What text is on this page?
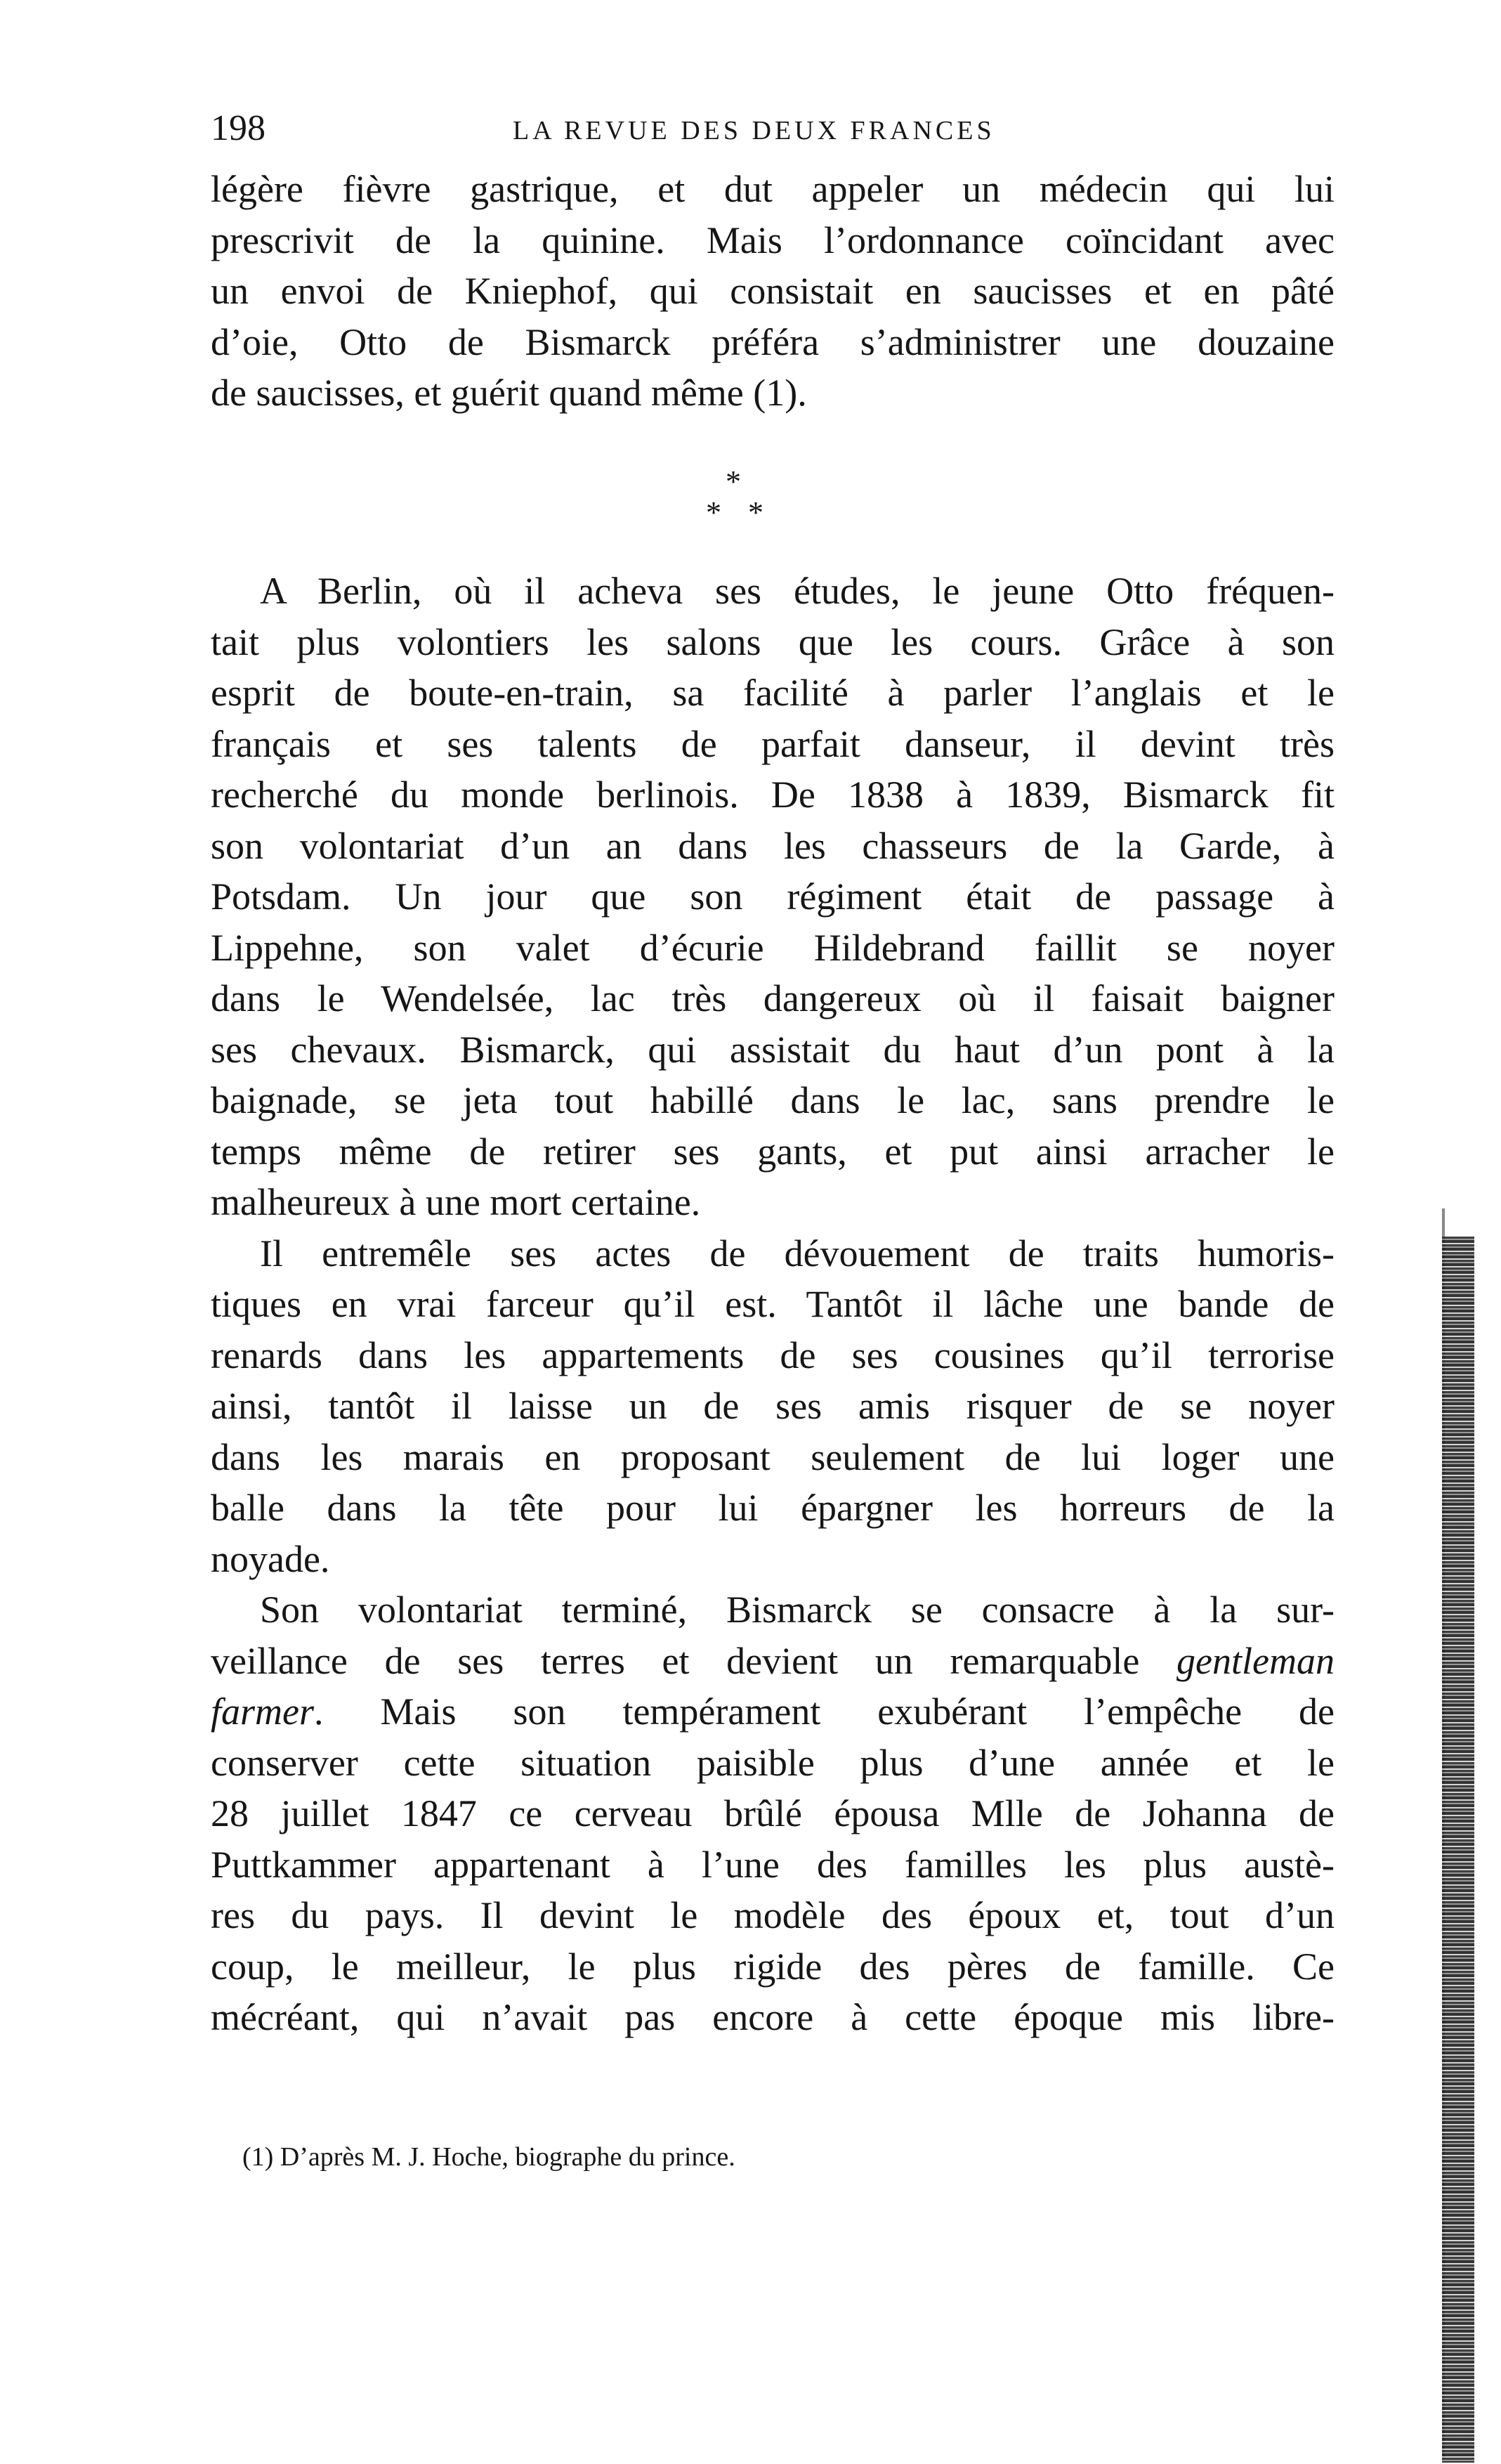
198	LA REVUE DES DEUX FRANCES
légère fièvre gastrique, et dut appeler un médecin qui lui
prescrivit de la quinine. Mais l’ordonnance coïncidant avec
un envoi de Kniephof, qui consistait en saucisses et en pâté
d’oie, Otto de Bismarck préféra s’administrer une douzaine
de saucisses, et guérit quand même (1).
*
* *
A Berlin, où il acheva ses études, le jeune Otto fréquen-
tait plus volontiers les salons que les cours. Grâce à son
esprit de boute-en-train, sa facilité à parler l’anglais et le
français et ses talents de parfait danseur, il devint très
recherché du monde berlinois. De 1838 à 1839, Bismarck fit
son volontariat d’un an dans les chasseurs de la Garde, à
Potsdam. Un jour que son régiment était de passage à
Lippehne, son valet d’écurie Hildebrand faillit se noyer
dans le Wendelsée, lac très dangereux où il faisait baigner
ses chevaux. Bismarck, qui assistait du haut d’un pont à la
baignade, se jeta tout habillé dans le lac, sans prendre le
temps même de retirer ses gants, et put ainsi arracher le
malheureux à une mort certaine.
Il entremêle ses actes de dévouement de traits humoris-
tiques en vrai farceur qu’il est. Tantôt il lâche une bande de
renards dans les appartements de ses cousines qu’il terrorise
ainsi, tantôt il laisse un de ses amis risquer de se noyer
dans les marais en proposant seulement de lui loger une
balle dans la tête pour lui épargner les horreurs de la
noyade.
Son volontariat terminé, Bismarck se consacre à la sur-
veillance de ses terres et devient un remarquable gentleman
farmer. Mais son tempérament exubérant l’empêche de
conserver cette situation paisible plus d’une année et le
28 juillet 1847 ce cerveau brûlé épousa Mlle de Johanna de
Puttkammer appartenant à l’une des familles les plus austè-
res du pays. Il devint le modèle des époux et, tout d’un
coup, le meilleur, le plus rigide des pères de famille. Ce
mécréant, qui n’avait pas encore à cette époque mis libre-
(1) D’après M. J. Hoche, biographe du prince.
